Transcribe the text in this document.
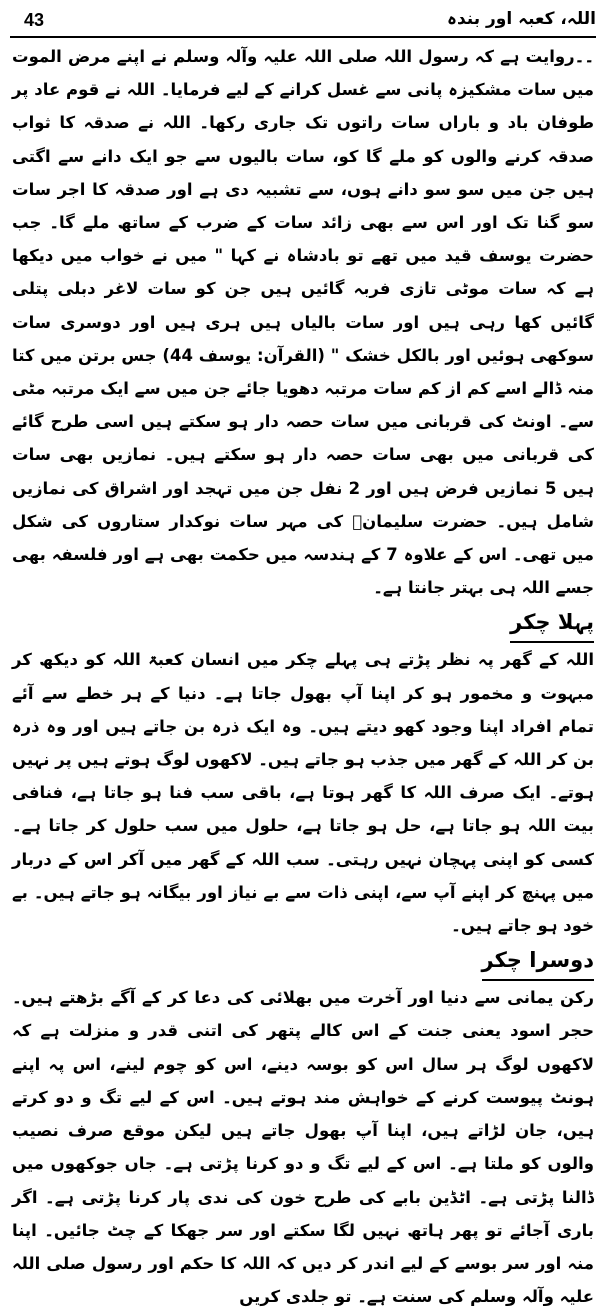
43	اللہ، کعبہ اور بندہ

۔۔روایت ہے کہ رسول اللہ صلی اللہ علیہ وآلہ وسلم نے اپنے مرض الموت میں سات مشکیزہ پانی سے غسل کرانے کے لیے فرمایا۔ اللہ نے قوم عاد پر طوفان باد و باراں سات راتوں تک جاری رکھا۔ اللہ نے صدقہ کا ثواب صدقہ کرنے والوں کو ملے گا کو، سات بالیوں سے جو ایک دانے سے اگتی ہیں جن میں سو سو دانے ہوں، سے تشبیہ دی ہے اور صدقہ کا اجر سات سو گنا تک اور اس سے بھی زائد سات کے ضرب کے ساتھ ملے گا۔ جب حضرت یوسف قید میں تھے تو بادشاہ نے کہا " میں نے خواب میں دیکھا ہے کہ سات موٹی تازی فربہ گائیں ہیں جن کو سات لاغر دبلی پتلی گائیں کھا رہی ہیں اور سات بالیاں ہیں ہری ہیں اور دوسری سات سوکھی ہوئیں اور بالکل خشک " (القرآن: یوسف 44) جس برتن میں کتا منہ ڈالے اسے کم از کم سات مرتبہ دھویا جائے جن میں سے ایک مرتبہ مٹی سے۔ اونٹ کی قربانی میں سات حصہ دار ہو سکتے ہیں اسی طرح گائے کی قربانی میں بھی سات حصہ دار ہو سکتے ہیں۔ نمازیں بھی سات ہیں 5 نمازیں فرض ہیں اور 2 نفل جن میں تہجد اور اشراق کی نمازیں شامل ہیں۔ حضرت سلیمانؑ کی مہر سات نوکدار ستاروں کی شکل میں تھی۔ اس کے علاوہ 7 کے ہندسہ میں حکمت بھی ہے اور فلسفہ بھی جسے اللہ ہی بہتر جانتا ہے۔

پہلا چکر

اللہ کے گھر پہ نظر پڑتے ہی پہلے چکر میں انسان کعبۃ اللہ کو دیکھ کر مبہوت و مخمور ہو کر اپنا آپ بھول جاتا ہے۔ دنیا کے ہر خطے سے آئے تمام افراد اپنا وجود کھو دیتے ہیں۔ وہ ایک ذرہ بن جاتے ہیں اور وہ ذرہ بن کر اللہ کے گھر میں جذب ہو جاتے ہیں۔ لاکھوں لوگ ہوتے ہیں پر نہیں ہوتے۔ ایک صرف اللہ کا گھر ہوتا ہے، باقی سب فنا ہو جاتا ہے، فنافی بیت اللہ ہو جاتا ہے، حل ہو جاتا ہے، حلول میں سب حلول کر جاتا ہے۔ کسی کو اپنی پہچان نہیں رہتی۔ سب اللہ کے گھر میں آکر اس کے دربار میں پہنچ کر اپنے آپ سے، اپنی ذات سے بے نیاز اور بیگانہ ہو جاتے ہیں۔ بے خود ہو جاتے ہیں۔

دوسرا چکر

رکن یمانی سے دنیا اور آخرت میں بھلائی کی دعا کر کے آگے بڑھتے ہیں۔ حجر اسود یعنی جنت کے اس کالے پتھر کی اتنی قدر و منزلت ہے کہ لاکھوں لوگ ہر سال اس کو بوسہ دینے، اس کو چوم لینے، اس پہ اپنے ہونٹ پیوست کرنے کے خواہش مند ہوتے ہیں۔ اس کے لیے تگ و دو کرتے ہیں، جان لڑاتے ہیں، اپنا آپ بھول جاتے ہیں لیکن موقع صرف نصیب والوں کو ملتا ہے۔ اس کے لیے تگ و دو کرنا پڑتی ہے۔ جاں جوکھوں میں ڈالنا پڑتی ہے۔ اٹڈین بابے کی طرح خون کی ندی پار کرنا پڑتی ہے۔ اگر باری آجائے تو پھر ہاتھ نہیں لگا سکتے اور سر جھکا کے چٹ جائیں۔ اپنا منہ اور سر بوسے کے لیے اندر کر دیں کہ اللہ کا حکم اور رسول صلی اللہ علیہ وآلہ وسلم کی سنت ہے۔ تو جلدی کریں
